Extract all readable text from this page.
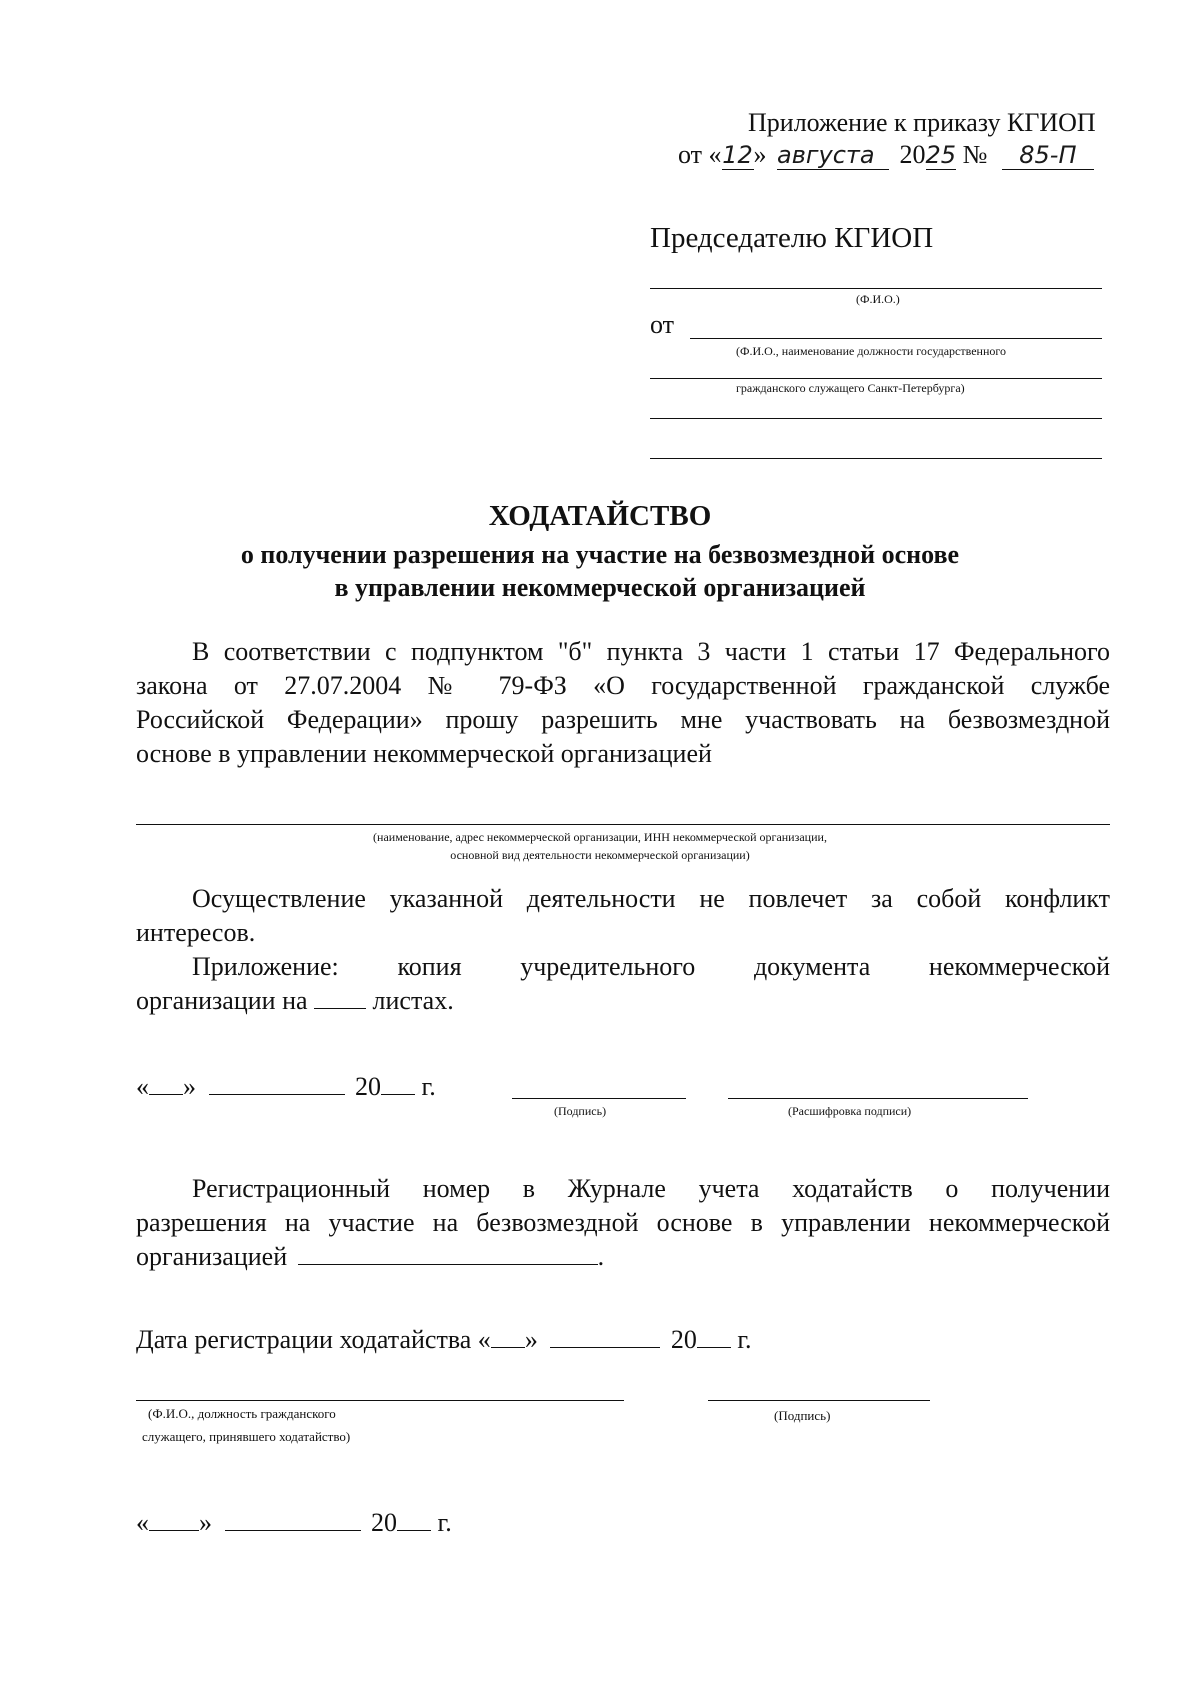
Приложение к приказу КГИОП
от «12» августа 2025 № 85-П
Председателю КГИОП
(Ф.И.О.)
от
(Ф.И.О., наименование должности государственного
гражданского служащего Санкт-Петербурга)
ХОДАТАЙСТВО
о получении разрешения на участие на безвозмездной основе
в управлении некоммерческой организацией
В соответствии с подпунктом "б" пункта 3 части 1 статьи 17 Федерального
закона от 27.07.2004 № 79-ФЗ «О государственной гражданской службе
Российской Федерации» прошу разрешить мне участвовать на безвозмездной
основе в управлении некоммерческой организацией
(наименование, адрес некоммерческой организации, ИНН некоммерческой организации,
основной вид деятельности некоммерческой организации)
Осуществление указанной деятельности не повлечет за собой конфликт
интересов.
Приложение: копия учредительного документа некоммерческой
организации на	листах.
« »	20 г.
(Подпись)	(Расшифровка подписи)
Регистрационный номер в Журнале учета ходатайств о получении
разрешения на участие на безвозмездной основе в управлении некоммерческой
организацией	.
Дата регистрации ходатайства « »	20 г.
(Ф.И.О., должность гражданского
служащего, принявшего ходатайство)
(Подпись)
« »	20 г.
